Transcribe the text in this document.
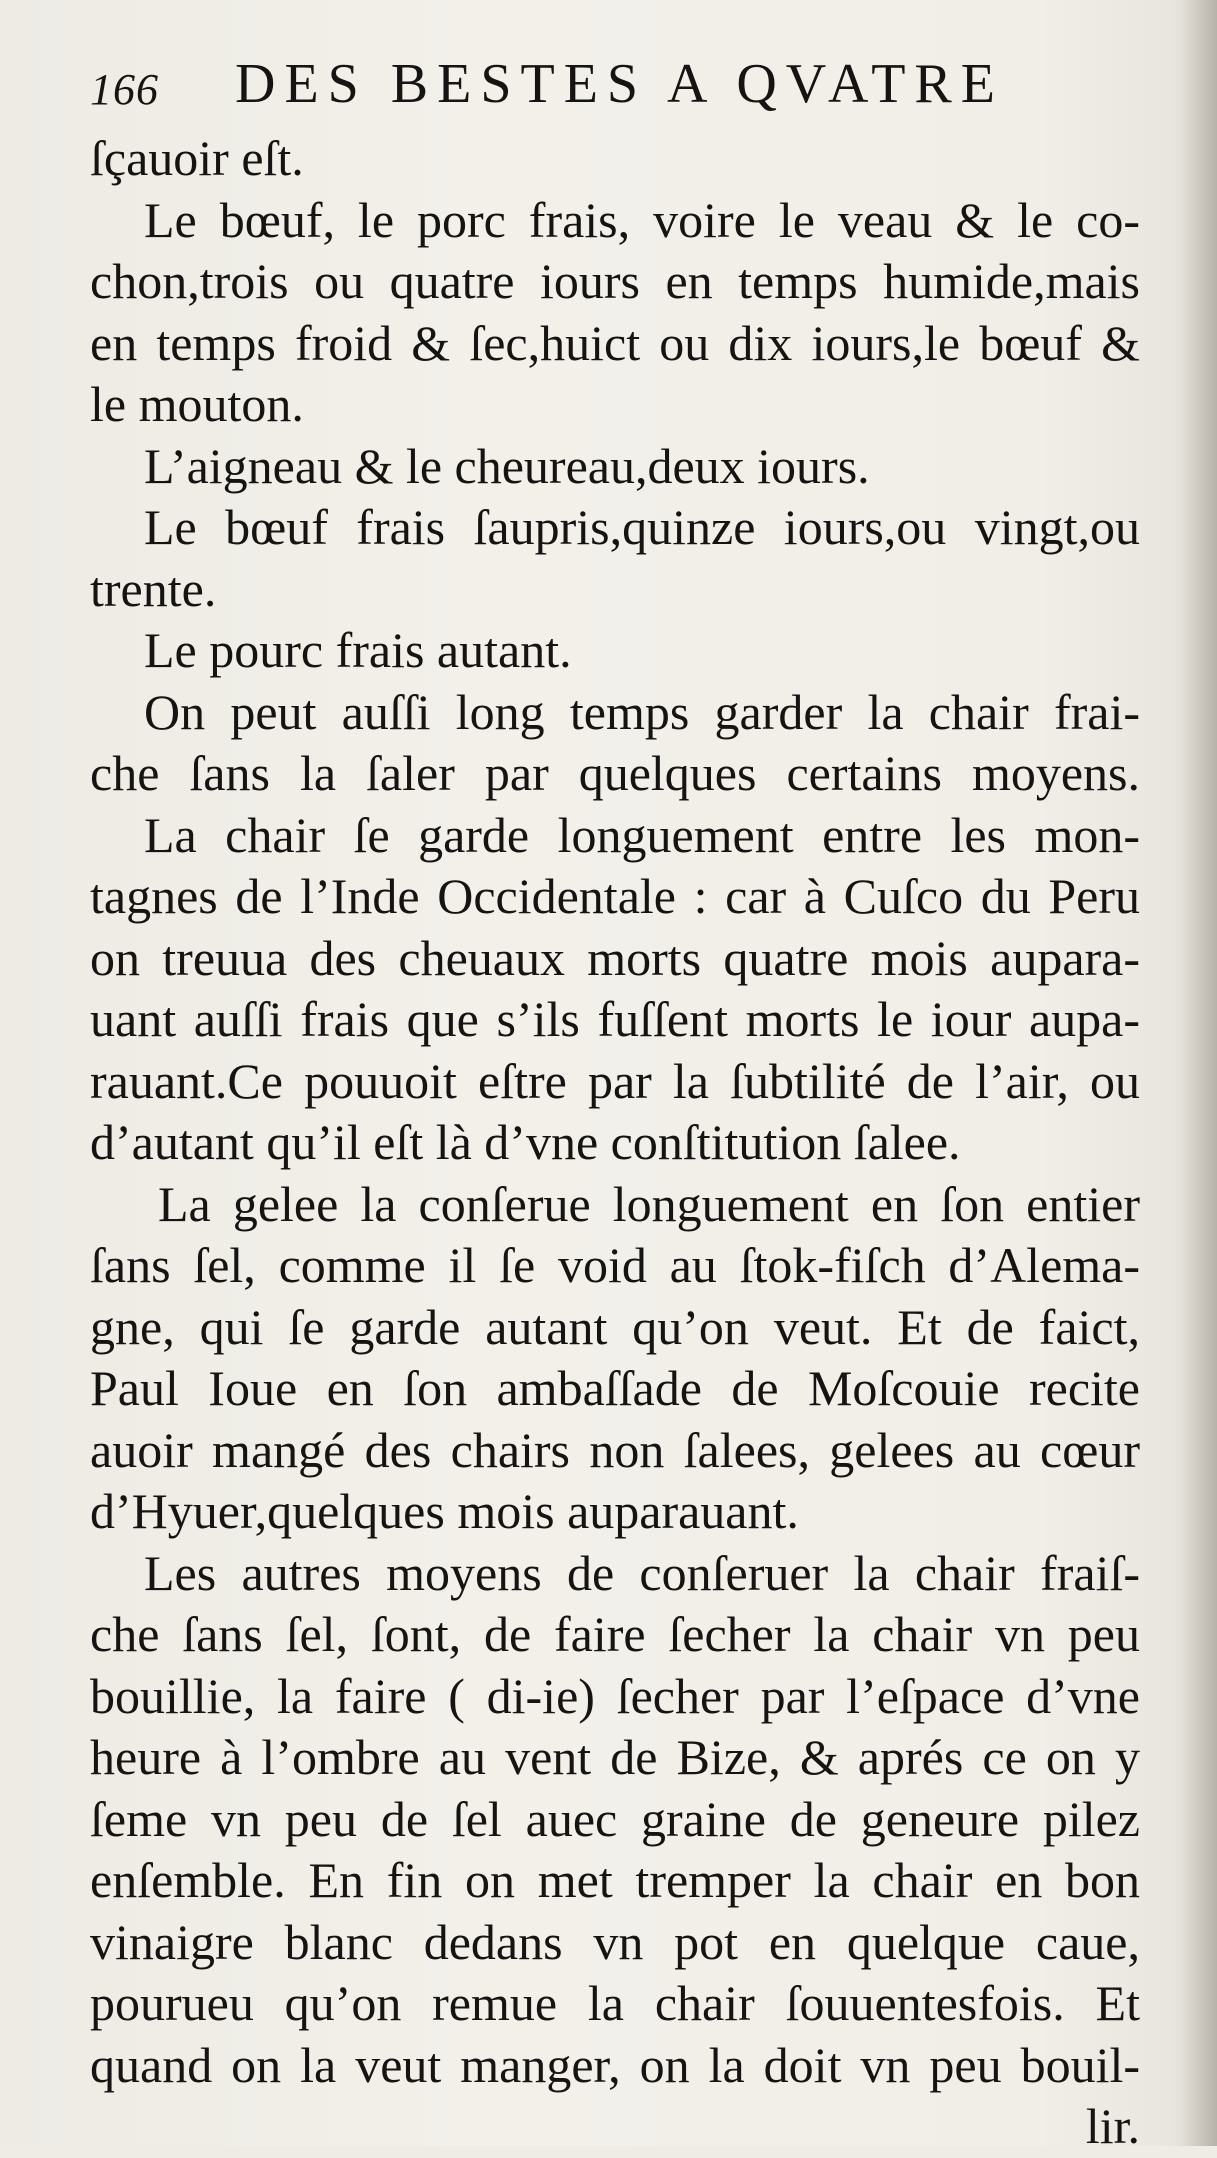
166 DES BESTES A QVATRE
ſçauoir eſt.
Le bœuf, le porc frais, voire le veau & le co-
chon,trois ou quatre iours en temps humide,mais
en temps froid & ſec,huict ou dix iours,le bœuf &
le mouton.
L’aigneau & le cheureau,deux iours.
Le bœuf frais ſaupris,quinze iours,ou vingt,ou
trente.
Le pourc frais autant.
On peut auſſi long temps garder la chair frai-
che ſans la ſaler par quelques certains moyens.
La chair ſe garde longuement entre les mon-
tagnes de l’Inde Occidentale : car à Cuſco du Peru
on treuua des cheuaux morts quatre mois aupara-
uant auſſi frais que s’ils fuſſent morts le iour aupa-
rauant.Ce pouuoit eſtre par la ſubtilité de l’air, ou
d’autant qu’il eſt là d’vne conſtitution ſalee.
La gelee la conſerue longuement en ſon entier
ſans ſel, comme il ſe void au ſtok-fiſch d’Alema-
gne, qui ſe garde autant qu’on veut. Et de faict,
Paul Ioue en ſon ambaſſade de Moſcouie recite
auoir mangé des chairs non ſalees, gelees au cœur
d’Hyuer,quelques mois auparauant.
Les autres moyens de conſeruer la chair fraiſ-
che ſans ſel, ſont, de faire ſecher la chair vn peu
bouillie, la faire ( di-ie) ſecher par l’eſpace d’vne
heure à l’ombre au vent de Bize, & aprés ce on y
ſeme vn peu de ſel auec graine de geneure pilez
enſemble. En fin on met tremper la chair en bon
vinaigre blanc dedans vn pot en quelque caue,
pourueu qu’on remue la chair ſouuentesfois. Et
quand on la veut manger, on la doit vn peu bouil-
lir.
